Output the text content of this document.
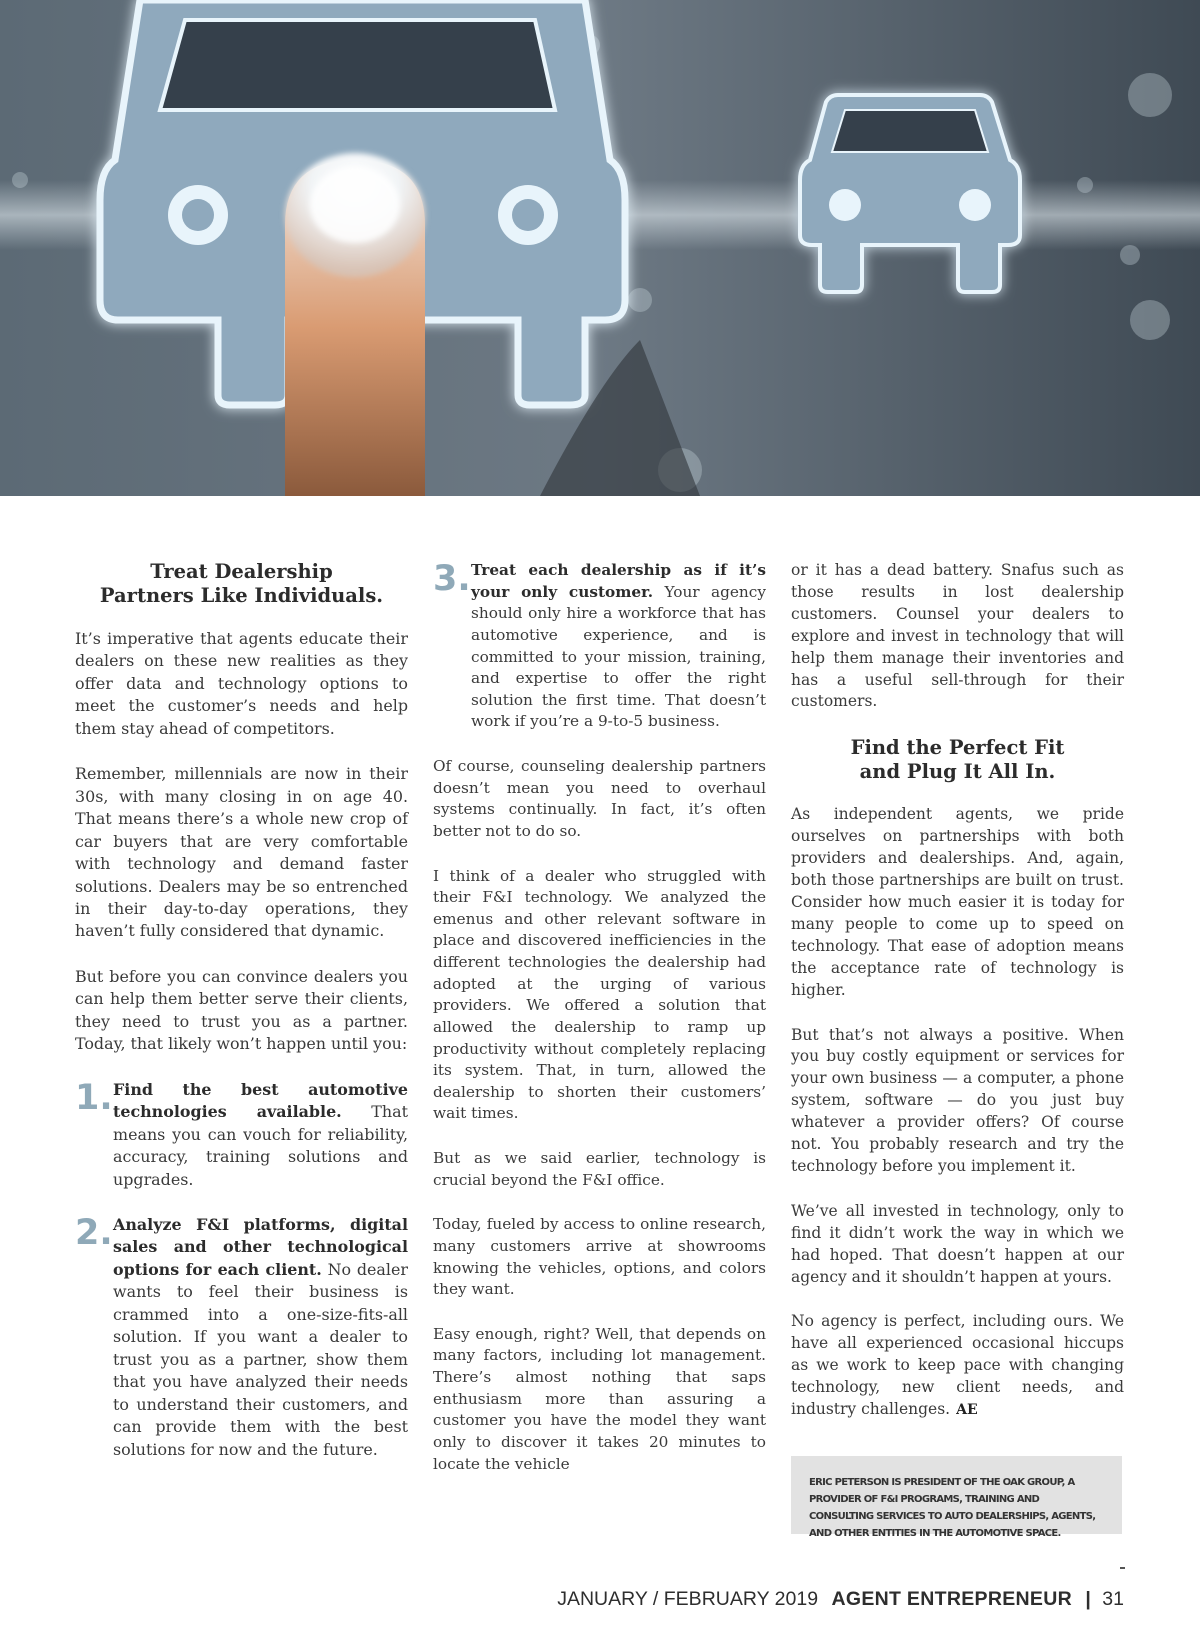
Treat Dealership
Partners Like Individuals.

It’s imperative that agents educate their dealers on these new realities as they offer data and technology options to meet the customer’s needs and help them stay ahead of competitors.

Remember, millennials are now in their 30s, with many closing in on age 40. That means there’s a whole new crop of car buyers that are very comfortable with technology and demand faster solutions. Dealers may be so entrenched in their day-to-day operations, they haven’t fully considered that dynamic.

But before you can convince dealers you can help them better serve their clients, they need to trust you as a partner. Today, that likely won’t happen until you:

1. Find the best automotive technologies available. That means you can vouch for reliability, accuracy, training solutions and upgrades.

2. Analyze F&I platforms, digital sales and other technological options for each client. No dealer wants to feel their business is crammed into a one-size-fits-all solution. If you want a dealer to trust you as a partner, show them that you have analyzed their needs to understand their customers, and can provide them with the best solutions for now and the future.

3. Treat each dealership as if it’s your only customer. Your agency should only hire a workforce that has automotive experience, and is committed to your mission, training, and expertise to offer the right solution the first time. That doesn’t work if you’re a 9-to-5 business.

Of course, counseling dealership partners doesn’t mean you need to overhaul systems continually. In fact, it’s often better not to do so.

I think of a dealer who struggled with their F&I technology. We analyzed the emenus and other relevant software in place and discovered inefficiencies in the different technologies the dealership had adopted at the urging of various providers. We offered a solution that allowed the dealership to ramp up productivity without completely replacing its system. That, in turn, allowed the dealership to shorten their customers’ wait times.

But as we said earlier, technology is crucial beyond the F&I office.

Today, fueled by access to online research, many customers arrive at showrooms knowing the vehicles, options, and colors they want.

Easy enough, right? Well, that depends on many factors, including lot management. There’s almost nothing that saps enthusiasm more than assuring a customer you have the model they want only to discover it takes 20 minutes to locate the vehicle

or it has a dead battery. Snafus such as those results in lost dealership customers. Counsel your dealers to explore and invest in technology that will help them manage their inventories and has a useful sell-through for their customers.

Find the Perfect Fit
and Plug It All In.

As independent agents, we pride ourselves on partnerships with both providers and dealerships. And, again, both those partnerships are built on trust. Consider how much easier it is today for many people to come up to speed on technology. That ease of adoption means the acceptance rate of technology is higher.

But that’s not always a positive. When you buy costly equipment or services for your own business — a computer, a phone system, software — do you just buy whatever a provider offers? Of course not. You probably research and try the technology before you implement it.

We’ve all invested in technology, only to find it didn’t work the way in which we had hoped. That doesn’t happen at our agency and it shouldn’t happen at yours.

No agency is perfect, including ours. We have all experienced occasional hiccups as we work to keep pace with changing technology, new client needs, and industry challenges. AE

ERIC PETERSON IS PRESIDENT OF THE OAK GROUP, A PROVIDER OF F&I PROGRAMS, TRAINING AND CONSULTING SERVICES TO AUTO DEALERSHIPS, AGENTS, AND OTHER ENTITIES IN THE AUTOMOTIVE SPACE.
JANUARY / FEBRUARY 2019 AGENT ENTREPRENEUR | 31
